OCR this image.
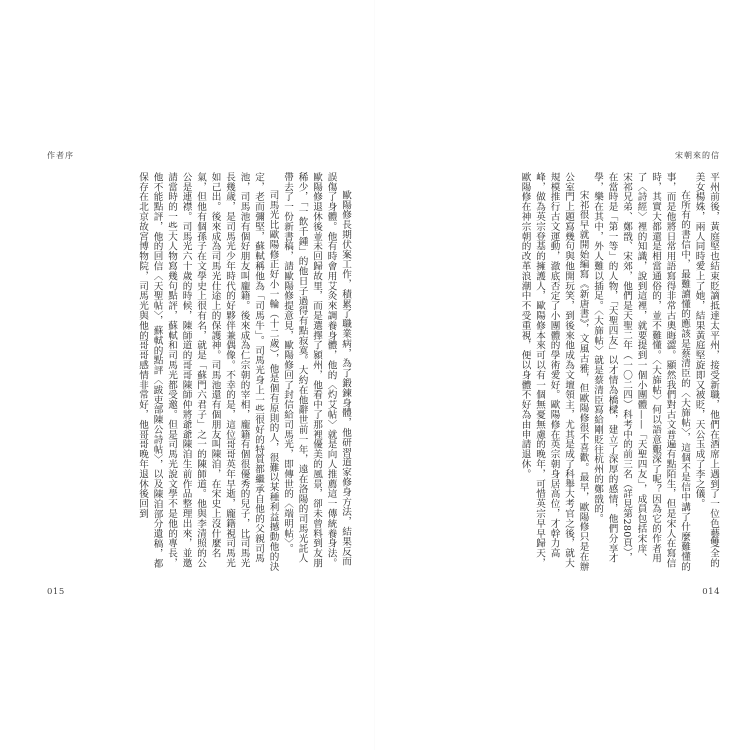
宋朝來的信

平州前後，黃庭堅也結束貶謫抵達太平州，接受新職，他們在酒席上遇到了一位色藝雙全的美女楊姝，兩人同時愛上了她，結果黃庭堅旋即又被貶，天公玉成了李之儀。

在所有的書信中，最難讀懂的應該是蔡清臣的〈大旆帖〉，這個不是信中講了什麼難懂的事，而是他將日常用語寫得非常古奧晦澀。顯然我們對古文普遍有點陌生，但是宋人在寫信時，其實大都還是相當通俗的，並不難懂。〈大旆帖〉何以語意艱深了呢？因為它的作者用了〈詩經〉裡的知識，說到這裡，就要提到一個小團體——「天聖四友」，成員包括宋庠、宋祁兄弟、鄭戩、宋郊，他們是天聖二年（一〇二四）科考中的前三名（詳見第280頁），在當時是「第一等」的人物，「天聖四友」以才情為橋樑，建立了深厚的感情，他們分享才學，樂在其中，外人難以插足。〈大旆帖〉就是蔡清臣寫給剛貶往杭州的鄭戩的。

宋祁很早就開始編寫《新唐書》，文風古雅，但歐陽修很不喜歡。最早，歐陽修只是在辦公室門上題寫幾句與他開玩笑，到後來他成為文壇領主，尤其是成了科舉大考官之後，就大規模推行古文運動，澈底否定了小團體的學術愛好。歐陽修在英宗朝身居高位，才幹力高峰，做為英宗登基的擁護人，歐陽修本來可以有一個無憂無慮的晚年，可惜英宗早早歸天，歐陽修在神宗朝的改革浪潮中不受重視，便以身體不好為由申請退休。

014
作者序

歐陽修長期伏案工作，積累了職業病，為了鍛鍊身體，他研習道家修身方法，結果反而誤傷了身體。他有時會用艾灸來調養身體，他的〈灼艾帖〉就是向人推薦這一傳統養身法。歐陽修退休後並未回歸故里，而是選擇了潁州，他看中了那裡優美的風景，卻未曾料到友朋稀少，「一飲千鍾」的他日子過得有點寂寞。大約在他辭世前一年，遠在洛陽的司馬光託人帶去了一份新書稿，請歐陽修提意見，歐陽修回了封信給司馬光，即傳世的〈端明帖〉。

司馬光比歐陽修正好小一輪（十二歲），他是個有原則的人，很難以某種利益撼動他的決定，老而彌堅，蘇軾稱他為「司馬牛」。司馬光身上一些很好的特質都繼承自他的父親司馬池，司馬池有個好朋友叫龐籍。後來成為仁宗朝的宰相，龐籍有個很優秀的兒子，比司馬光長幾歲，是司馬光少年時代的好夥伴兼偶像。不幸的是，這位哥哥英年早逝，龐籍視司馬光如己出。後來成為司馬光仕途上的保護神。司馬池還有個朋友叫陳洎，在宋史上沒什麼名氣，但他有個孫子在文學史上很有名，就是「蘇門六君子」之一的陳師道。他與李清照的公公是連襟。司馬光六十歲的時候，陳師道的哥哥陳師仲將爺爺陳洎生前作品整理出來，並邀請當時的一些大人物寫幾句點評，蘇軾和司馬光都受邀。但是司馬光說文學不是他的專長，他不能點評，他的回信〈天聖帖〉，蘇軾的點評〈跋吏部陳公詩帖〉，以及陳洎部分遺稿，都保存在北京故宮博物院，司馬光與他的哥哥感情非常好，他哥哥晚年退休後回到

015
